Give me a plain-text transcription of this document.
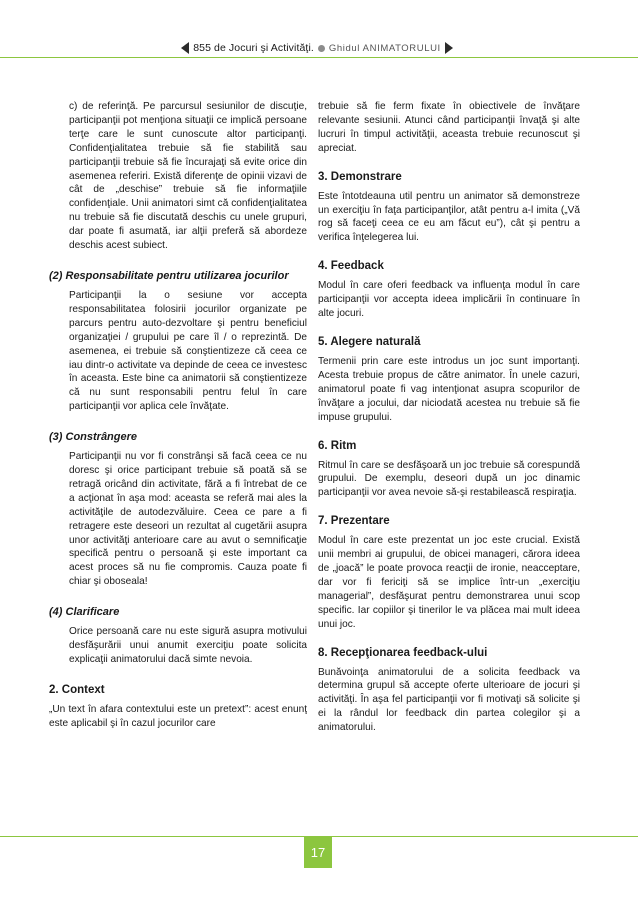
855 de Jocuri şi Activităţi. Ghidul ANIMATORULUI

c) de referinţă. Pe parcursul sesiunilor de discuţie, participanţii pot menţiona situaţii ce implică persoane terţe care le sunt cunoscute altor participanţi. Confidenţialitatea trebuie să fie stabilită sau participanţii trebuie să fie încurajaţi să evite orice din asemenea referiri. Există diferenţe de opinii vizavi de cât de „deschise” trebuie să fie informaţiile confidenţiale. Unii animatori simt că confidenţialitatea nu trebuie să fie discutată deschis cu unele grupuri, dar poate fi asumată, iar alţii preferă să abordeze deschis acest subiect.

(2) Responsabilitate pentru utilizarea jocurilor

Participanţii la o sesiune vor accepta responsabilitatea folosirii jocurilor organizate pe parcurs pentru auto-dezvoltare şi pentru beneficiul organizaţiei / grupului pe care îl / o reprezintă. De asemenea, ei trebuie să conştientizeze că ceea ce iau dintr-o activitate va depinde de ceea ce investesc în aceasta. Este bine ca animatorii să conştientizeze că nu sunt responsabili pentru felul în care participanţii vor aplica cele învăţate.

(3) Constrângere

Participanţii nu vor fi constrânşi să facă ceea ce nu doresc şi orice participant trebuie să poată să se retragă oricând din activitate, fără a fi întrebat de ce a acţionat în aşa mod: aceasta se referă mai ales la activităţile de autodezvăluire. Ceea ce pare a fi retragere este deseori un rezultat al cugetării asupra unor activităţi anterioare care au avut o semnificaţie specifică pentru o persoană şi este important ca acest proces să nu fie compromis. Cauza poate fi chiar şi oboseala!

(4) Clarificare

Orice persoană care nu este sigură asupra motivului desfăşurării unui anumit exerciţiu poate solicita explicaţii animatorului dacă simte nevoia.

2. Context

„Un text în afara contextului este un pretext”: acest enunţ este aplicabil şi în cazul jocurilor care

trebuie să fie ferm fixate în obiectivele de învăţare relevante sesiunii. Atunci când participanţii învaţă şi alte lucruri în timpul activităţii, aceasta trebuie recunoscut şi apreciat.

3. Demonstrare

Este întotdeauna util pentru un animator să demonstreze un exerciţiu în faţa participanţilor, atât pentru a-l imita („Vă rog să faceţi ceea ce eu am făcut eu”), cât şi pentru a verifica înţelegerea lui.

4. Feedback

Modul în care oferi feedback va influenţa modul în care participanţii vor accepta ideea implicării în continuare în alte jocuri.

5. Alegere naturală

Termenii prin care este introdus un joc sunt importanţi. Acesta trebuie propus de către animator. În unele cazuri, animatorul poate fi vag intenţionat asupra scopurilor de învăţare a jocului, dar niciodată acestea nu trebuie să fie impuse grupului.

6. Ritm

Ritmul în care se desfăşoară un joc trebuie să corespundă grupului. De exemplu, deseori după un joc dinamic participanţii vor avea nevoie să-şi restabilească respiraţia.

7. Prezentare

Modul în care este prezentat un joc este crucial. Există unii membri ai grupului, de obicei manageri, cărora ideea de „joacă” le poate provoca reacţii de ironie, neacceptare, dar vor fi fericiţi să se implice într-un „exerciţiu managerial”, desfăşurat pentru demonstrarea unui scop specific. Iar copiilor şi tinerilor le va plăcea mai mult ideea unui joc.

8. Recepţionarea feedback-ului

Bunăvoinţa animatorului de a solicita feedback va determina grupul să accepte oferte ulterioare de jocuri şi activităţi. În aşa fel participanţii vor fi motivaţi să solicite şi ei la rândul lor feedback din partea colegilor şi a animatorului.

17
